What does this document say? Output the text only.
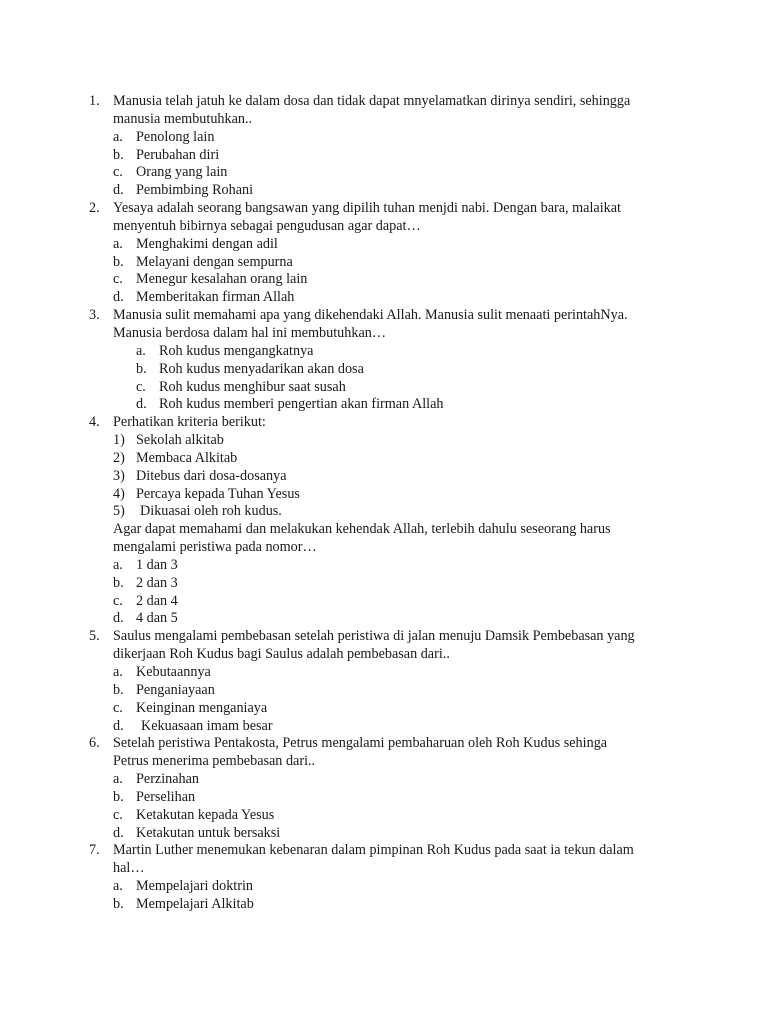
1. Manusia telah jatuh ke dalam dosa dan tidak dapat mnyelamatkan dirinya sendiri, sehingga
manusia membutuhkan..
a. Penolong lain
b. Perubahan diri
c. Orang yang lain
d. Pembimbing Rohani
2. Yesaya adalah seorang bangsawan yang dipilih tuhan menjdi nabi. Dengan bara, malaikat
menyentuh bibirnya sebagai pengudusan agar dapat…
a. Menghakimi dengan adil
b. Melayani dengan sempurna
c. Menegur kesalahan orang lain
d. Memberitakan firman Allah
3. Manusia sulit memahami apa yang dikehendaki Allah. Manusia sulit menaati perintahNya.
Manusia berdosa dalam hal ini membutuhkan…
a. Roh kudus mengangkatnya
b. Roh kudus menyadarikan akan dosa
c. Roh kudus menghibur saat susah
d. Roh kudus memberi pengertian akan firman Allah
4. Perhatikan kriteria berikut:
1) Sekolah alkitab
2) Membaca Alkitab
3) Ditebus dari dosa-dosanya
4) Percaya kepada Tuhan Yesus
5) Dikuasai oleh roh kudus.
Agar dapat memahami dan melakukan kehendak Allah, terlebih dahulu seseorang harus
mengalami peristiwa pada nomor…
a. 1 dan 3
b. 2 dan 3
c. 2 dan 4
d. 4 dan 5
5. Saulus mengalami pembebasan setelah peristiwa di jalan menuju Damsik Pembebasan yang
dikerjaan Roh Kudus bagi Saulus adalah pembebasan dari..
a. Kebutaannya
b. Penganiayaan
c. Keinginan menganiaya
d. Kekuasaan imam besar
6. Setelah peristiwa Pentakosta, Petrus mengalami pembaharuan oleh Roh Kudus sehinga
Petrus menerima pembebasan dari..
a. Perzinahan
b. Perselihan
c. Ketakutan kepada Yesus
d. Ketakutan untuk bersaksi
7. Martin Luther menemukan kebenaran dalam pimpinan Roh Kudus pada saat ia tekun dalam
hal…
a. Mempelajari doktrin
b. Mempelajari Alkitab
